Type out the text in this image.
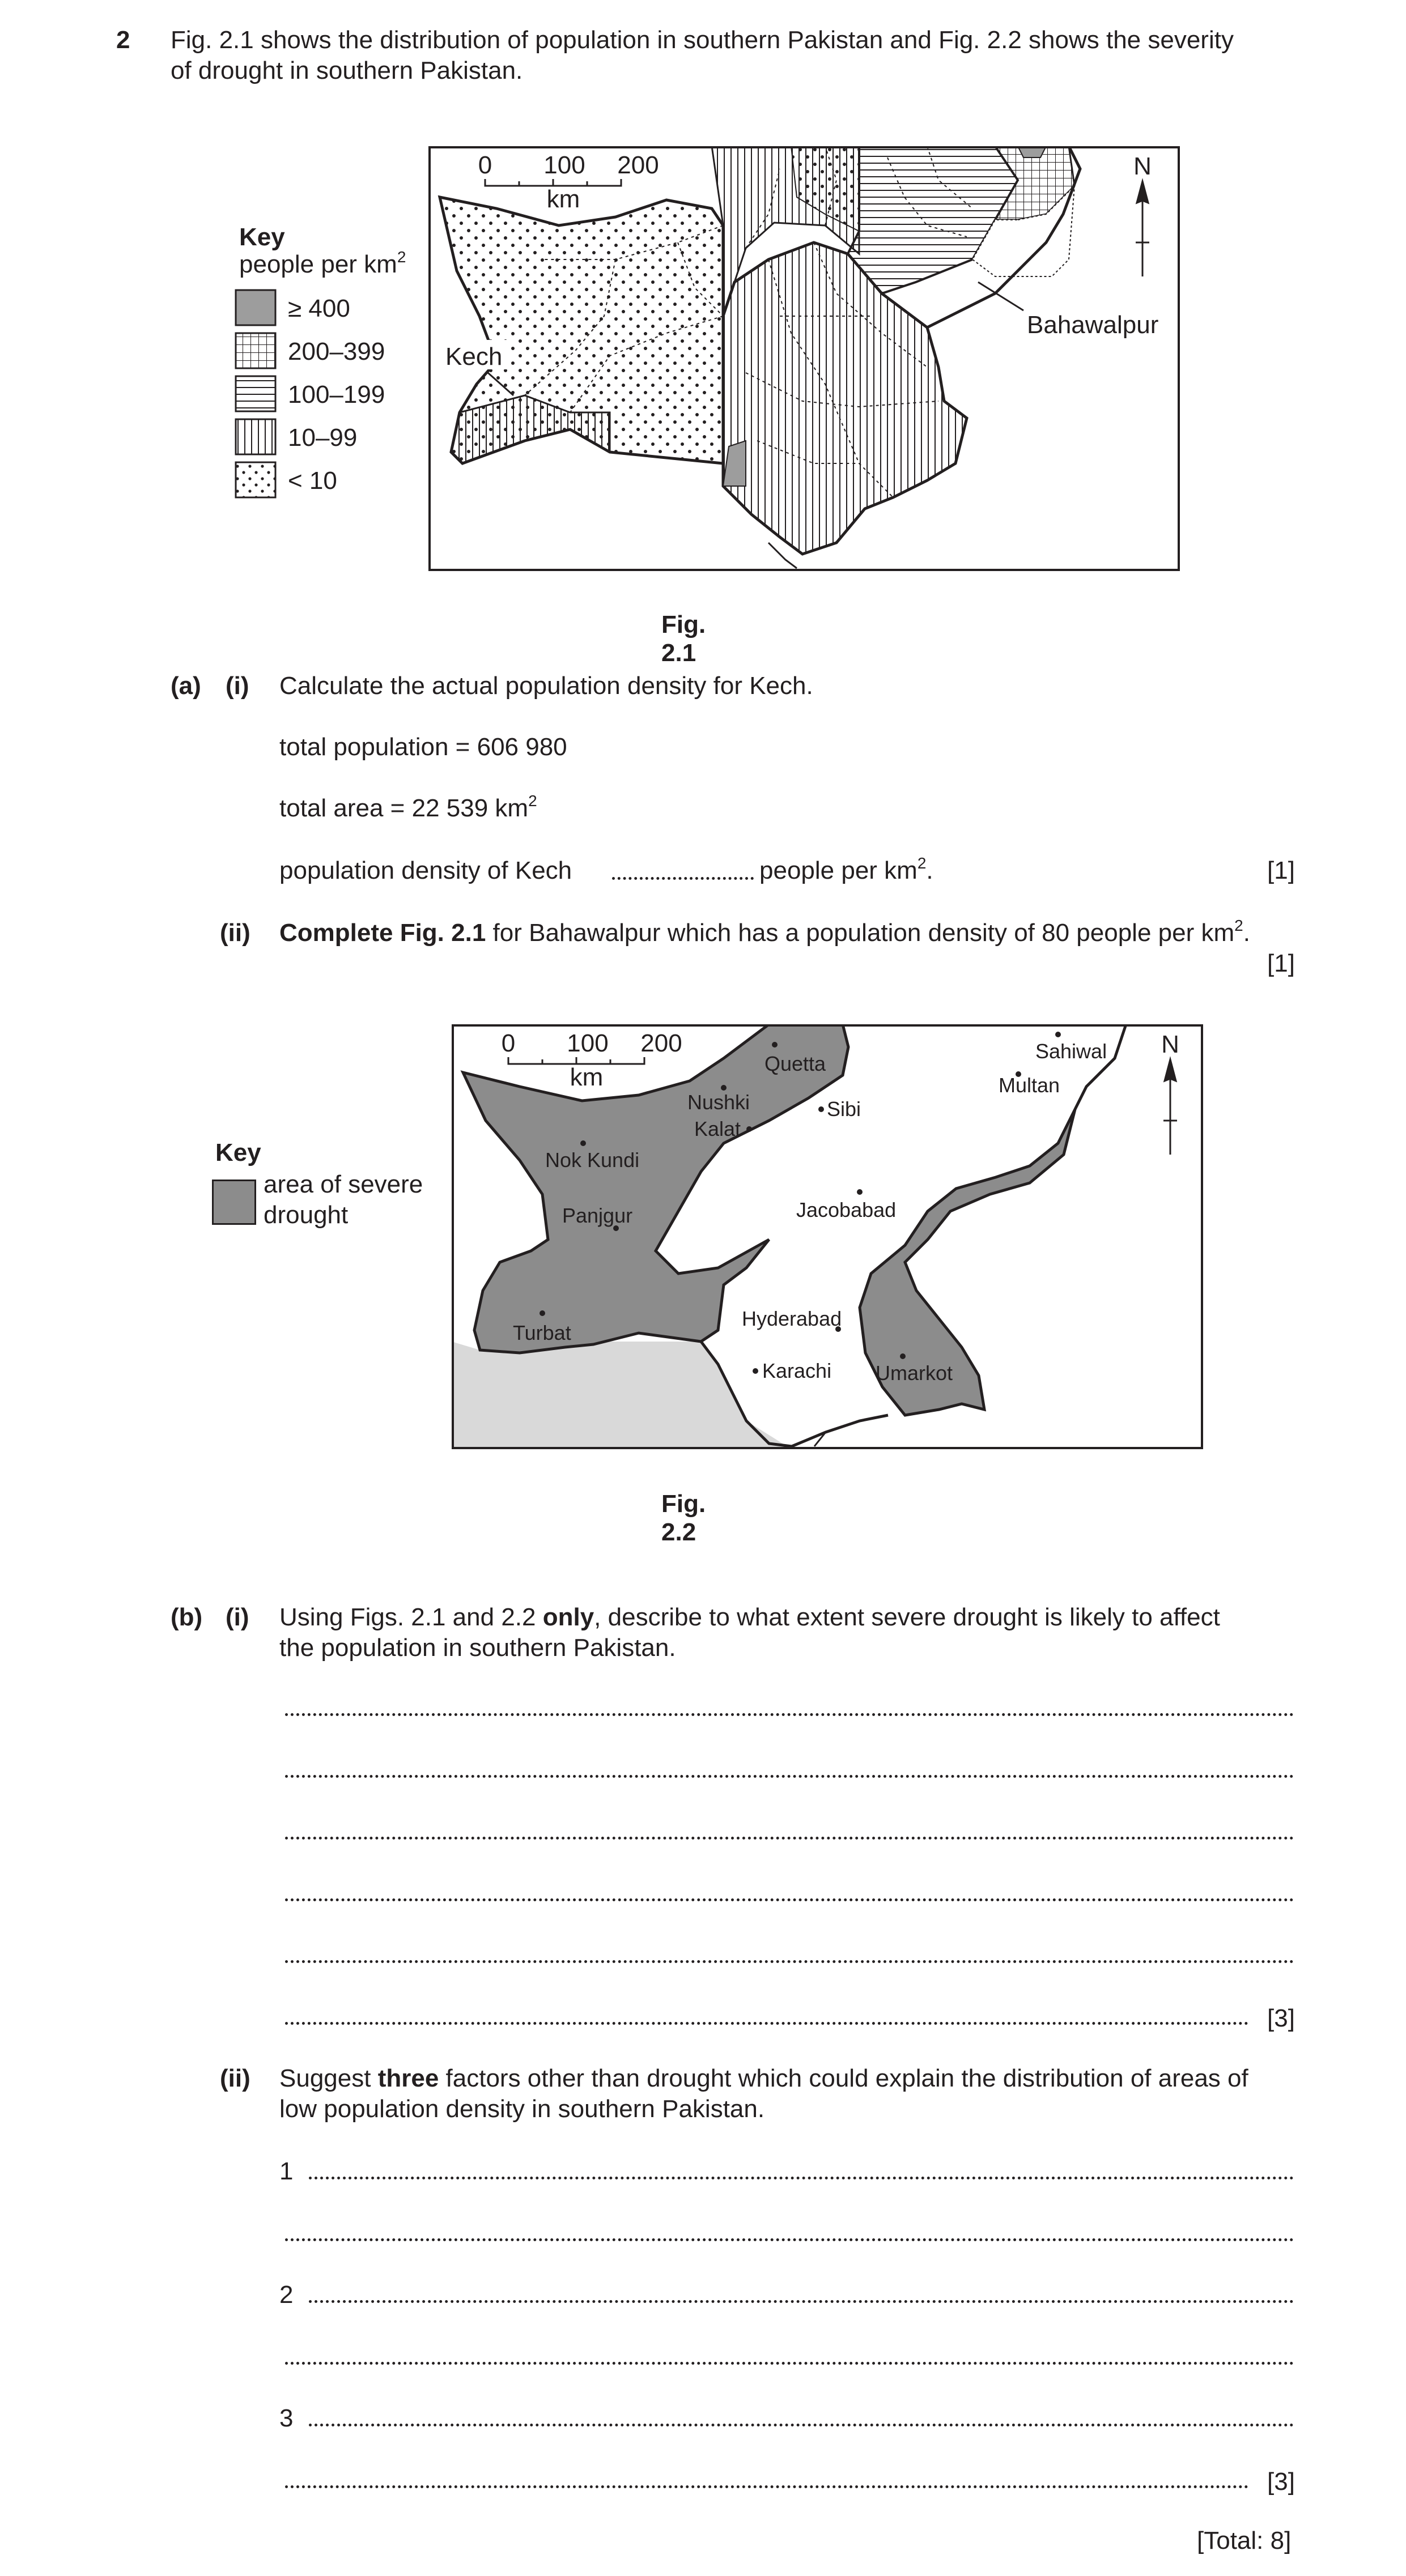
2 Fig. 2.1 shows the distribution of population in southern Pakistan and Fig. 2.2 shows the severity
of drought in southern Pakistan.
Key
people per $km^2$
≥ 400
200–399
100–199
10–99
< 10
0 100 200
km
N
Kech
Bahawalpur
Fig. 2.1
(a) (i) Calculate the actual population density for Kech.
total population = 606 980
total area = 22 539 $km^2$
population density of Kech	people per $km^2$.	[1]
(ii) Complete Fig. 2.1 for Bahawalpur which has a population density of 80 people per $km^2$.
[1]
Key
area of severe
drought
0 100 200
km
N
Quetta
Sahiwal
Multan
Nushki
Kalat
Sibi
Nok Kundi
Jacobabad
Panjgur
Hyderabad
Turbat
Karachi Umarkot
Fig. 2.2
(b) (i) Using Figs. 2.1 and 2.2 only, describe to what extent severe drought is likely to affect
the population in southern Pakistan.
[3]
(ii) Suggest three factors other than drought which could explain the distribution of areas of
low population density in southern Pakistan.
1
2
3
[3]
[Total: 8]
